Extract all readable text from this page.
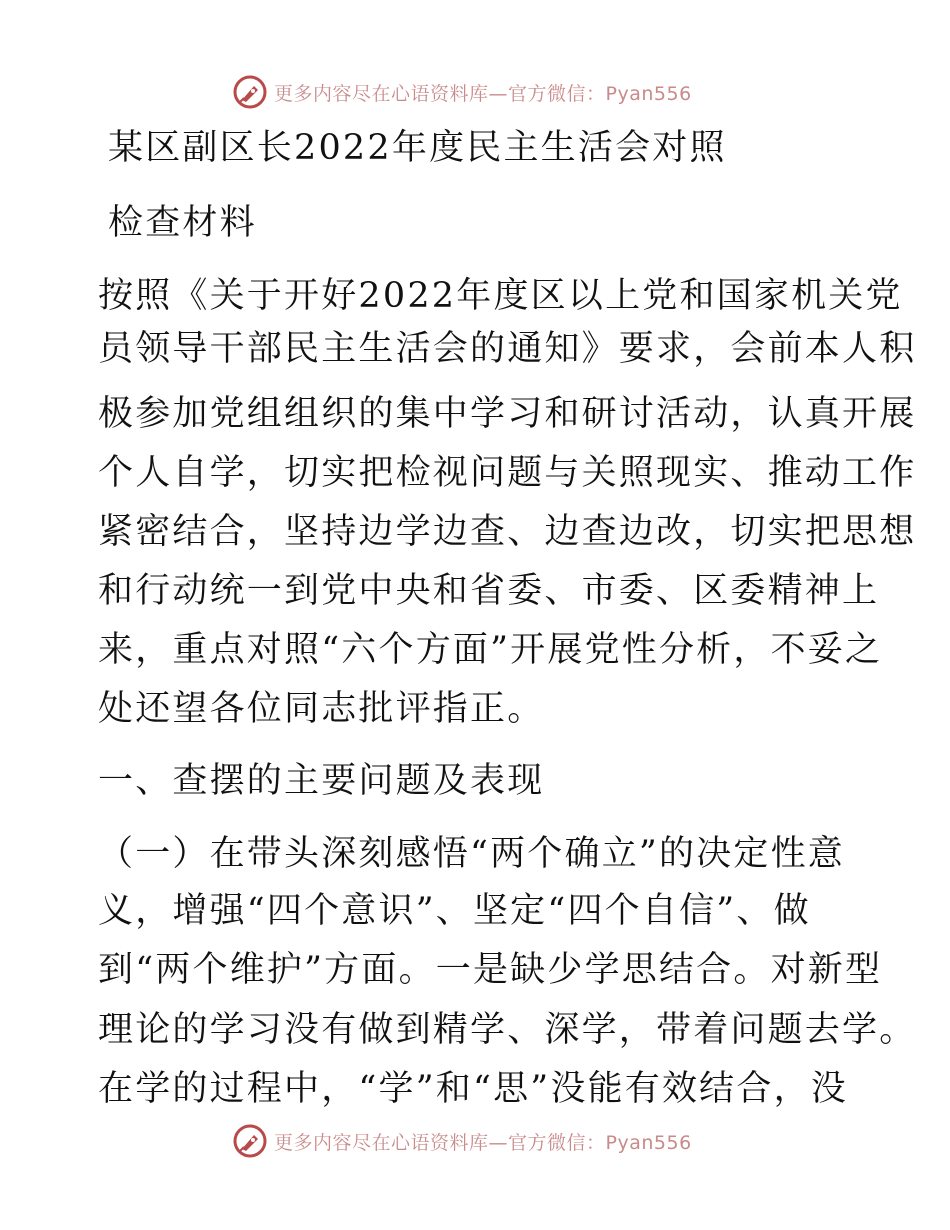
更多内容尽在心语资料库—官方微信：Pyan556
某区副区长2022年度民主生活会对照
检查材料
按照《关于开好2022年度区以上党和国家机关党
员领导干部民主生活会的通知》要求，会前本人积
极参加党组组织的集中学习和研讨活动，认真开展
个人自学，切实把检视问题与关照现实、推动工作
紧密结合，坚持边学边查、边查边改，切实把思想
和行动统一到党中央和省委、市委、区委精神上
来，重点对照“六个方面”开展党性分析，不妥之
处还望各位同志批评指正。
一、查摆的主要问题及表现
（一）在带头深刻感悟“两个确立”的决定性意
义，增强“四个意识”、坚定“四个自信”、做
到“两个维护”方面。一是缺少学思结合。对新型
理论的学习没有做到精学、深学，带着问题去学。
在学的过程中，“学”和“思”没能有效结合，没
更多内容尽在心语资料库—官方微信：Pyan556
